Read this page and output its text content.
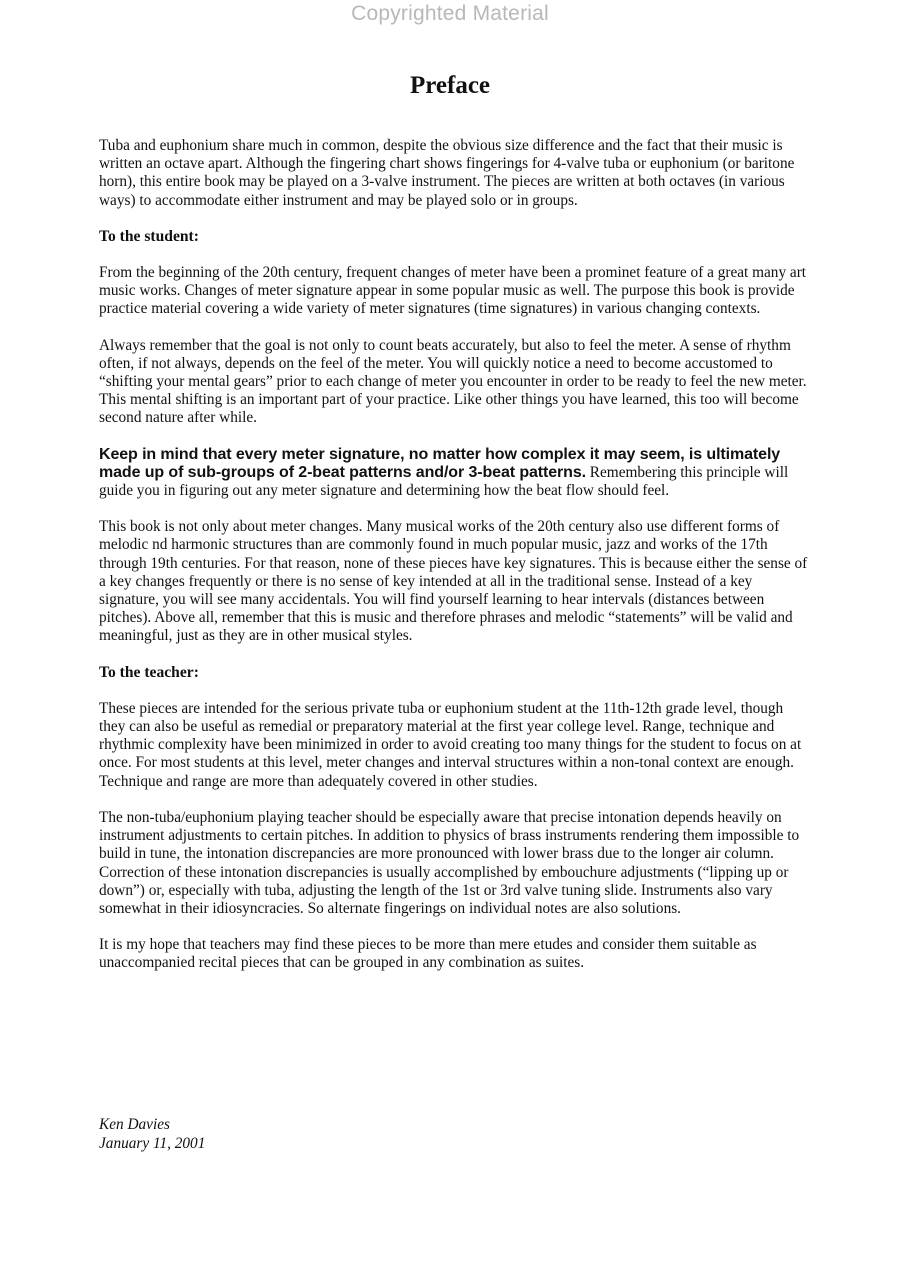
Copyrighted Material
Preface

Tuba and euphonium share much in common, despite the obvious size difference and the fact that their music is written an octave apart. Although the fingering chart shows fingerings for 4-valve tuba or euphonium (or baritone horn), this entire book may be played on a 3-valve instrument. The pieces are written at both octaves (in various ways) to accommodate either instrument and may be played solo or in groups.

To the student:

From the beginning of the 20th century, frequent changes of meter have been a prominet feature of a great many art music works. Changes of meter signature appear in some popular music as well. The purpose this book is provide practice material covering a wide variety of meter signatures (time signatures) in various changing contexts.

Always remember that the goal is not only to count beats accurately, but also to feel the meter. A sense of rhythm often, if not always, depends on the feel of the meter. You will quickly notice a need to become accustomed to “shifting your mental gears” prior to each change of meter you encounter in order to be ready to feel the new meter. This mental shifting is an important part of your practice. Like other things you have learned, this too will become second nature after while.

Keep in mind that every meter signature, no matter how complex it may seem, is ultimately made up of sub-groups of 2-beat patterns and/or 3-beat patterns. Remembering this principle will guide you in figuring out any meter signature and determining how the beat flow should feel.

This book is not only about meter changes. Many musical works of the 20th century also use different forms of melodic nd harmonic structures than are commonly found in much popular music, jazz and works of the 17th through 19th centuries. For that reason, none of these pieces have key signatures. This is because either the sense of a key changes frequently or there is no sense of key intended at all in the traditional sense. Instead of a key signature, you will see many accidentals. You will find yourself learning to hear intervals (distances between pitches). Above all, remember that this is music and therefore phrases and melodic “statements” will be valid and meaningful, just as they are in other musical styles.

To the teacher:

These pieces are intended for the serious private tuba or euphonium student at the 11th-12th grade level, though they can also be useful as remedial or preparatory material at the first year college level. Range, technique and rhythmic complexity have been minimized in order to avoid creating too many things for the student to focus on at once. For most students at this level, meter changes and interval structures within a non-tonal context are enough. Technique and range are more than adequately covered in other studies.

The non-tuba/euphonium playing teacher should be especially aware that precise intonation depends heavily on instrument adjustments to certain pitches. In addition to physics of brass instruments rendering them impossible to build in tune, the intonation discrepancies are more pronounced with lower brass due to the longer air column. Correction of these intonation discrepancies is usually accomplished by embouchure adjustments (“lipping up or down”) or, especially with tuba, adjusting the length of the 1st or 3rd valve tuning slide. Instruments also vary somewhat in their idiosyncracies. So alternate fingerings on individual notes are also solutions.

It is my hope that teachers may find these pieces to be more than mere etudes and consider them suitable as unaccompanied recital pieces that can be grouped in any combination as suites.

Ken Davies
January 11, 2001
